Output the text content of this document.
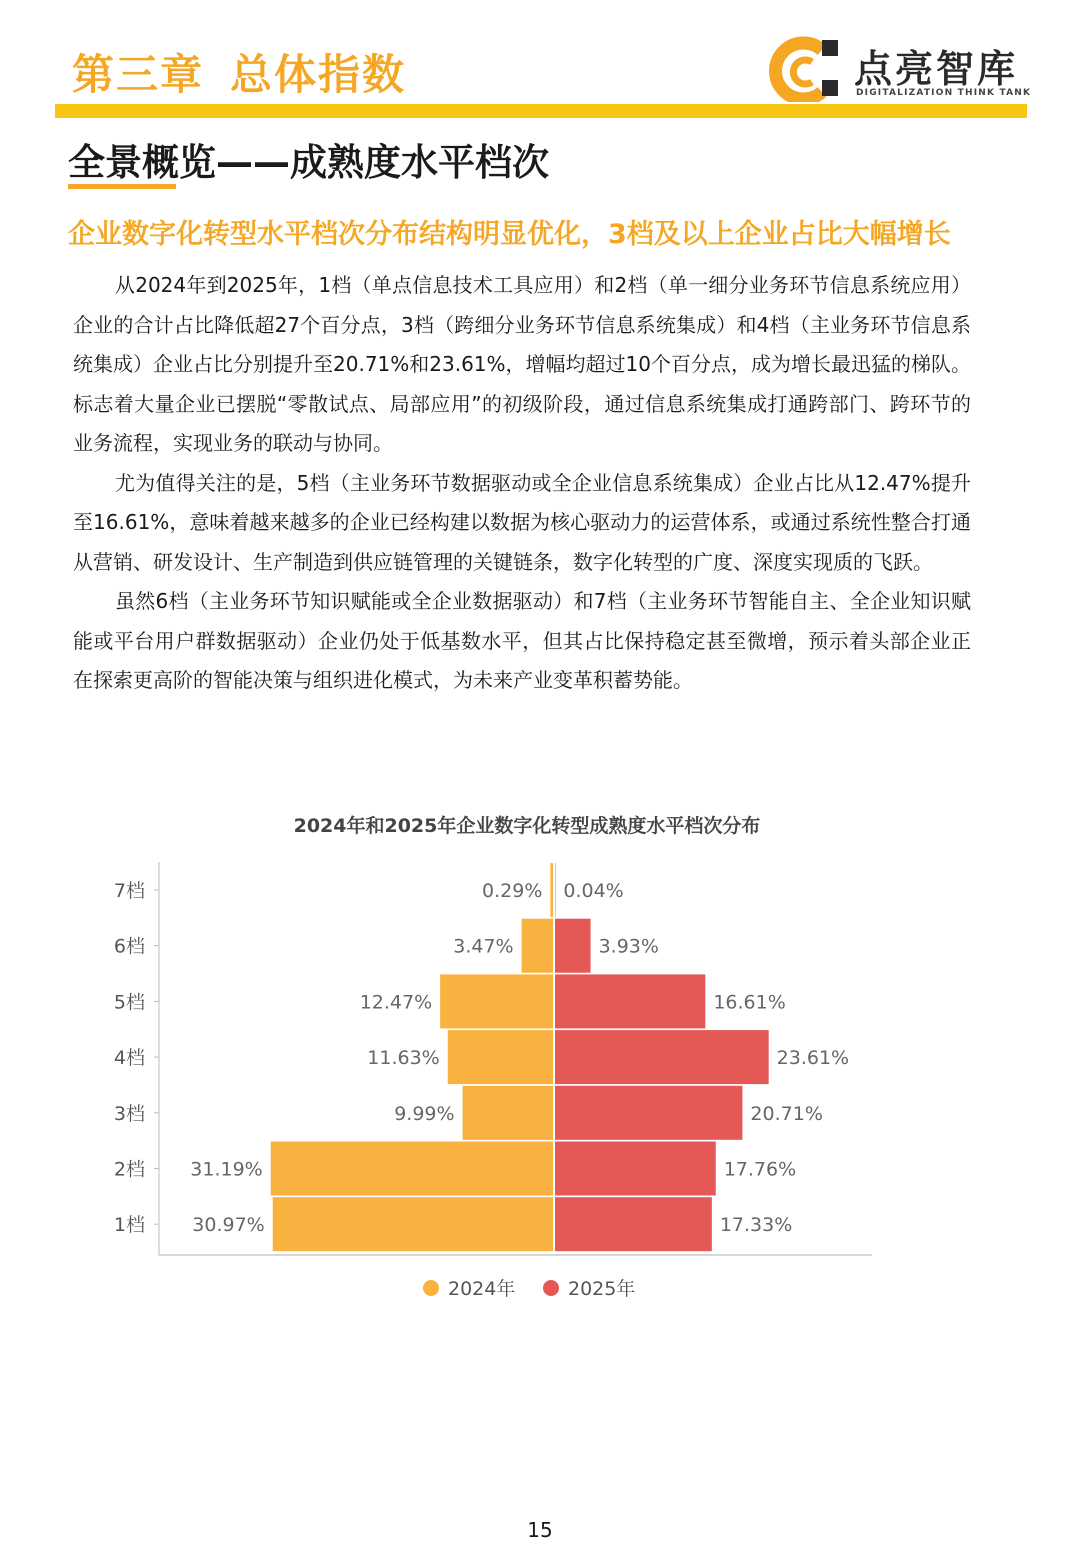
第三章 总体指数	点亮智库
DIGITALIZATION THINK TANK
全景概览——成熟度水平档次
企业数字化转型水平档次分布结构明显优化，3档及以上企业占比大幅增长

从2024年到2025年，1档（单点信息技术工具应用）和2档（单一细分业务环节信息系统应用）企业的合计占比降低超27个百分点，3档（跨细分业务环节信息系统集成）和4档（主业务环节信息系统集成）企业占比分别提升至20.71%和23.61%，增幅均超过10个百分点，成为增长最迅猛的梯队。标志着大量企业已摆脱“零散试点、局部应用”的初级阶段，通过信息系统集成打通跨部门、跨环节的业务流程，实现业务的联动与协同。

尤为值得关注的是，5档（主业务环节数据驱动或全企业信息系统集成）企业占比从12.47%提升至16.61%，意味着越来越多的企业已经构建以数据为核心驱动力的运营体系，或通过系统性整合打通从营销、研发设计、生产制造到供应链管理的关键链条，数字化转型的广度、深度实现质的飞跃。

虽然6档（主业务环节知识赋能或全企业数据驱动）和7档（主业务环节智能自主、全企业知识赋能或平台用户群数据驱动）企业仍处于低基数水平，但其占比保持稳定甚至微增，预示着头部企业正在探索更高阶的智能决策与组织进化模式，为未来产业变革积蓄势能。

2024年和2025年企业数字化转型成熟度水平档次分布
7档	0.29% 0.04%
6档	3.47%	3.93%
5档	12.47%	16.61%
4档	11.63%	23.61%
3档	9.99%	20.71%
2档 31.19%	17.76%
1档 30.97%	17.33%
2024年	2025年
15
